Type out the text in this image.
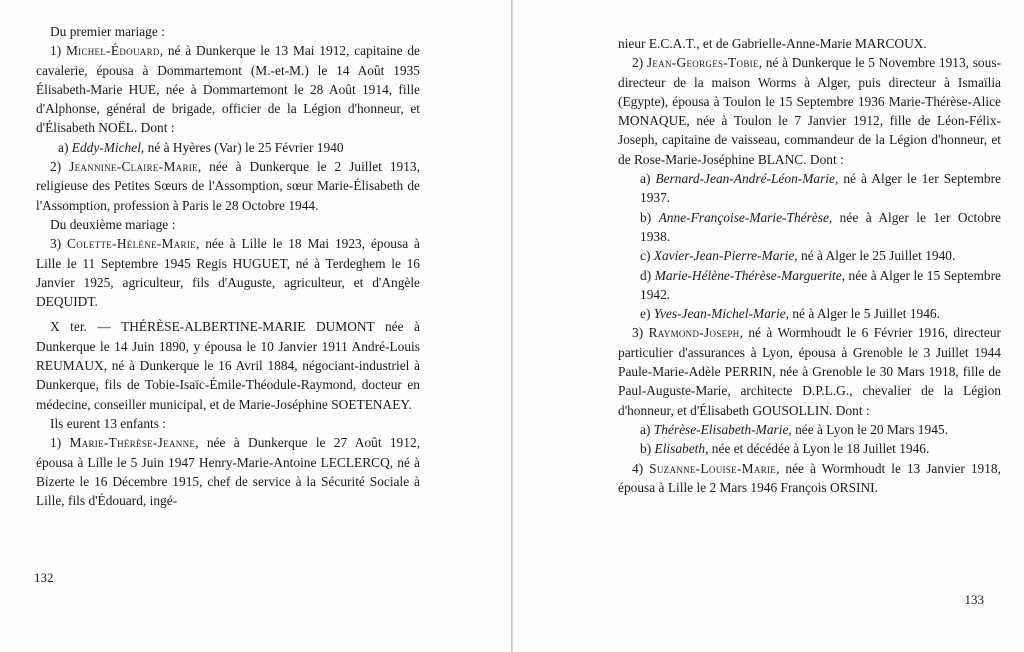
Du premier mariage :

1) Michel-Édouard, né à Dunkerque le 13 Mai 1912, capitaine de cavalerie, épousa à Dommartemont (M.-et-M.) le 14 Août 1935 Élisabeth-Marie HUE, née à Dommartemont le 28 Août 1914, fille d'Alphonse, général de brigade, officier de la Légion d'honneur, et d'Élisabeth NOËL. Dont :

a) Eddy-Michel, né à Hyères (Var) le 25 Février 1940

2) Jeannine-Claire-Marie, née à Dunkerque le 2 Juillet 1913, religieuse des Petites Sœurs de l'Assomption, sœur Marie-Élisabeth de l'Assomption, profession à Paris le 28 Octobre 1944.

Du deuxième mariage :

3) Colette-Hélène-Marie, née à Lille le 18 Mai 1923, épousa à Lille le 11 Septembre 1945 Regis HUGUET, né à Terdeghem le 16 Janvier 1925, agriculteur, fils d'Auguste, agriculteur, et d'Angèle DEQUIDT.

X ter. — THÉRÈSE-ALBERTINE-MARIE DUMONT née à Dunkerque le 14 Juin 1890, y épousa le 10 Janvier 1911 André-Louis REUMAUX, né à Dunkerque le 16 Avril 1884, négociant-industriel à Dunkerque, fils de Tobie-Isaïc-Émile-Théodule-Raymond, docteur en médecine, conseiller municipal, et de Marie-Joséphine SOETENAEY.

Ils eurent 13 enfants :

1) Marie-Thérèse-Jeanne, née à Dunkerque le 27 Août 1912, épousa à Lille le 5 Juin 1947 Henry-Marie-Antoine LECLERCQ, né à Bizerte le 16 Décembre 1915, chef de service à la Sécurité Sociale à Lille, fils d'Édouard, ingé-

132

nieur E.C.A.T., et de Gabrielle-Anne-Marie MARCOUX.

2) Jean-Georges-Tobie, né à Dunkerque le 5 Novembre 1913, sous-directeur de la maison Worms à Alger, puis directeur à Ismaïlia (Egypte), épousa à Toulon le 15 Septembre 1936 Marie-Thérèse-Alice MONAQUE, née à Toulon le 7 Janvier 1912, fille de Léon-Félix-Joseph, capitaine de vaisseau, commandeur de la Légion d'honneur, et de Rose-Marie-Joséphine BLANC. Dont :

a) Bernard-Jean-André-Léon-Marie, né à Alger le 1er Septembre 1937.

b) Anne-Françoise-Marie-Thérèse, née à Alger le 1er Octobre 1938.

c) Xavier-Jean-Pierre-Marie, né à Alger le 25 Juillet 1940.

d) Marie-Hélène-Thérèse-Marguerite, née à Alger le 15 Septembre 1942.

e) Yves-Jean-Michel-Marie, né à Alger le 5 Juillet 1946.

3) Raymond-Joseph, né à Wormhoudt le 6 Février 1916, directeur particulier d'assurances à Lyon, épousa à Grenoble le 3 Juillet 1944 Paule-Marie-Adèle PERRIN, née à Grenoble le 30 Mars 1918, fille de Paul-Auguste-Marie, architecte D.P.L.G., chevalier de la Légion d'honneur, et d'Élisabeth GOUSOLLIN. Dont :

a) Thérèse-Elisabeth-Marie, née à Lyon le 20 Mars 1945.

b) Elisabeth, née et décédée à Lyon le 18 Juillet 1946.

4) Suzanne-Louise-Marie, née à Wormhoudt le 13 Janvier 1918, épousa à Lille le 2 Mars 1946 François ORSINI.

133
